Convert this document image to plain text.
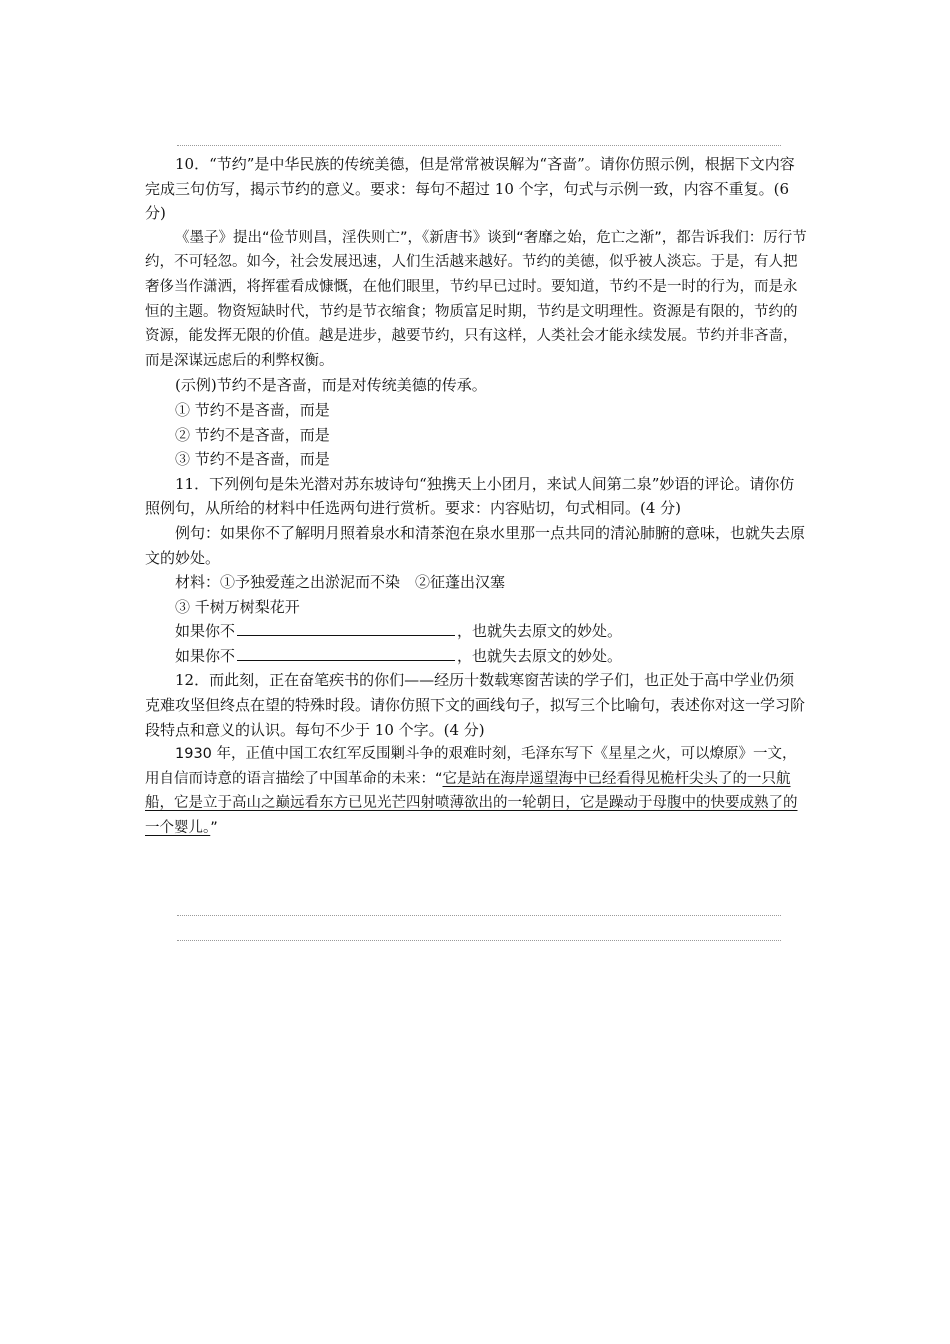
10．“节约”是中华民族的传统美德，但是常常被误解为“吝啬”。请你仿照示例，根据下文内容完成三句仿写，揭示节约的意义。要求：每句不超过 10 个字，句式与示例一致，内容不重复。(6 分)

《墨子》提出“俭节则昌，淫佚则亡”，《新唐书》谈到“奢靡之始，危亡之渐”，都告诉我们：厉行节约，不可轻忽。如今，社会发展迅速，人们生活越来越好。节约的美德，似乎被人淡忘。于是，有人把奢侈当作潇洒，将挥霍看成慷慨，在他们眼里，节约早已过时。要知道，节约不是一时的行为，而是永恒的主题。物资短缺时代，节约是节衣缩食；物质富足时期，节约是文明理性。资源是有限的，节约的资源，能发挥无限的价值。越是进步，越要节约，只有这样，人类社会才能永续发展。节约并非吝啬，而是深谋远虑后的利弊权衡。

(示例)节约不是吝啬，而是对传统美德的传承。

① 节约不是吝啬，而是

② 节约不是吝啬，而是

③ 节约不是吝啬，而是

11．下列例句是朱光潜对苏东坡诗句“独携天上小团月，来试人间第二泉”妙语的评论。请你仿照例句，从所给的材料中任选两句进行赏析。要求：内容贴切，句式相同。(4 分)

例句：如果你不了解明月照着泉水和清茶泡在泉水里那一点共同的清沁肺腑的意味，也就失去原文的妙处。

材料：①予独爱莲之出淤泥而不染　②征蓬出汉塞

③ 千树万树梨花开

如果你不	，也就失去原文的妙处。

如果你不	，也就失去原文的妙处。

12．而此刻，正在奋笔疾书的你们——经历十数载寒窗苦读的学子们，也正处于高中学业仍须克难攻坚但终点在望的特殊时段。请你仿照下文的画线句子，拟写三个比喻句，表述你对这一学习阶段特点和意义的认识。每句不少于 10 个字。(4 分)

1930 年，正值中国工农红军反围剿斗争的艰难时刻，毛泽东写下《星星之火，可以燎原》一文，用自信而诗意的语言描绘了中国革命的未来：“它是站在海岸遥望海中已经看得见桅杆尖头了的一只航船，它是立于高山之巅远看东方已见光芒四射喷薄欲出的一轮朝日，它是躁动于母腹中的快要成熟了的一个婴儿。”
